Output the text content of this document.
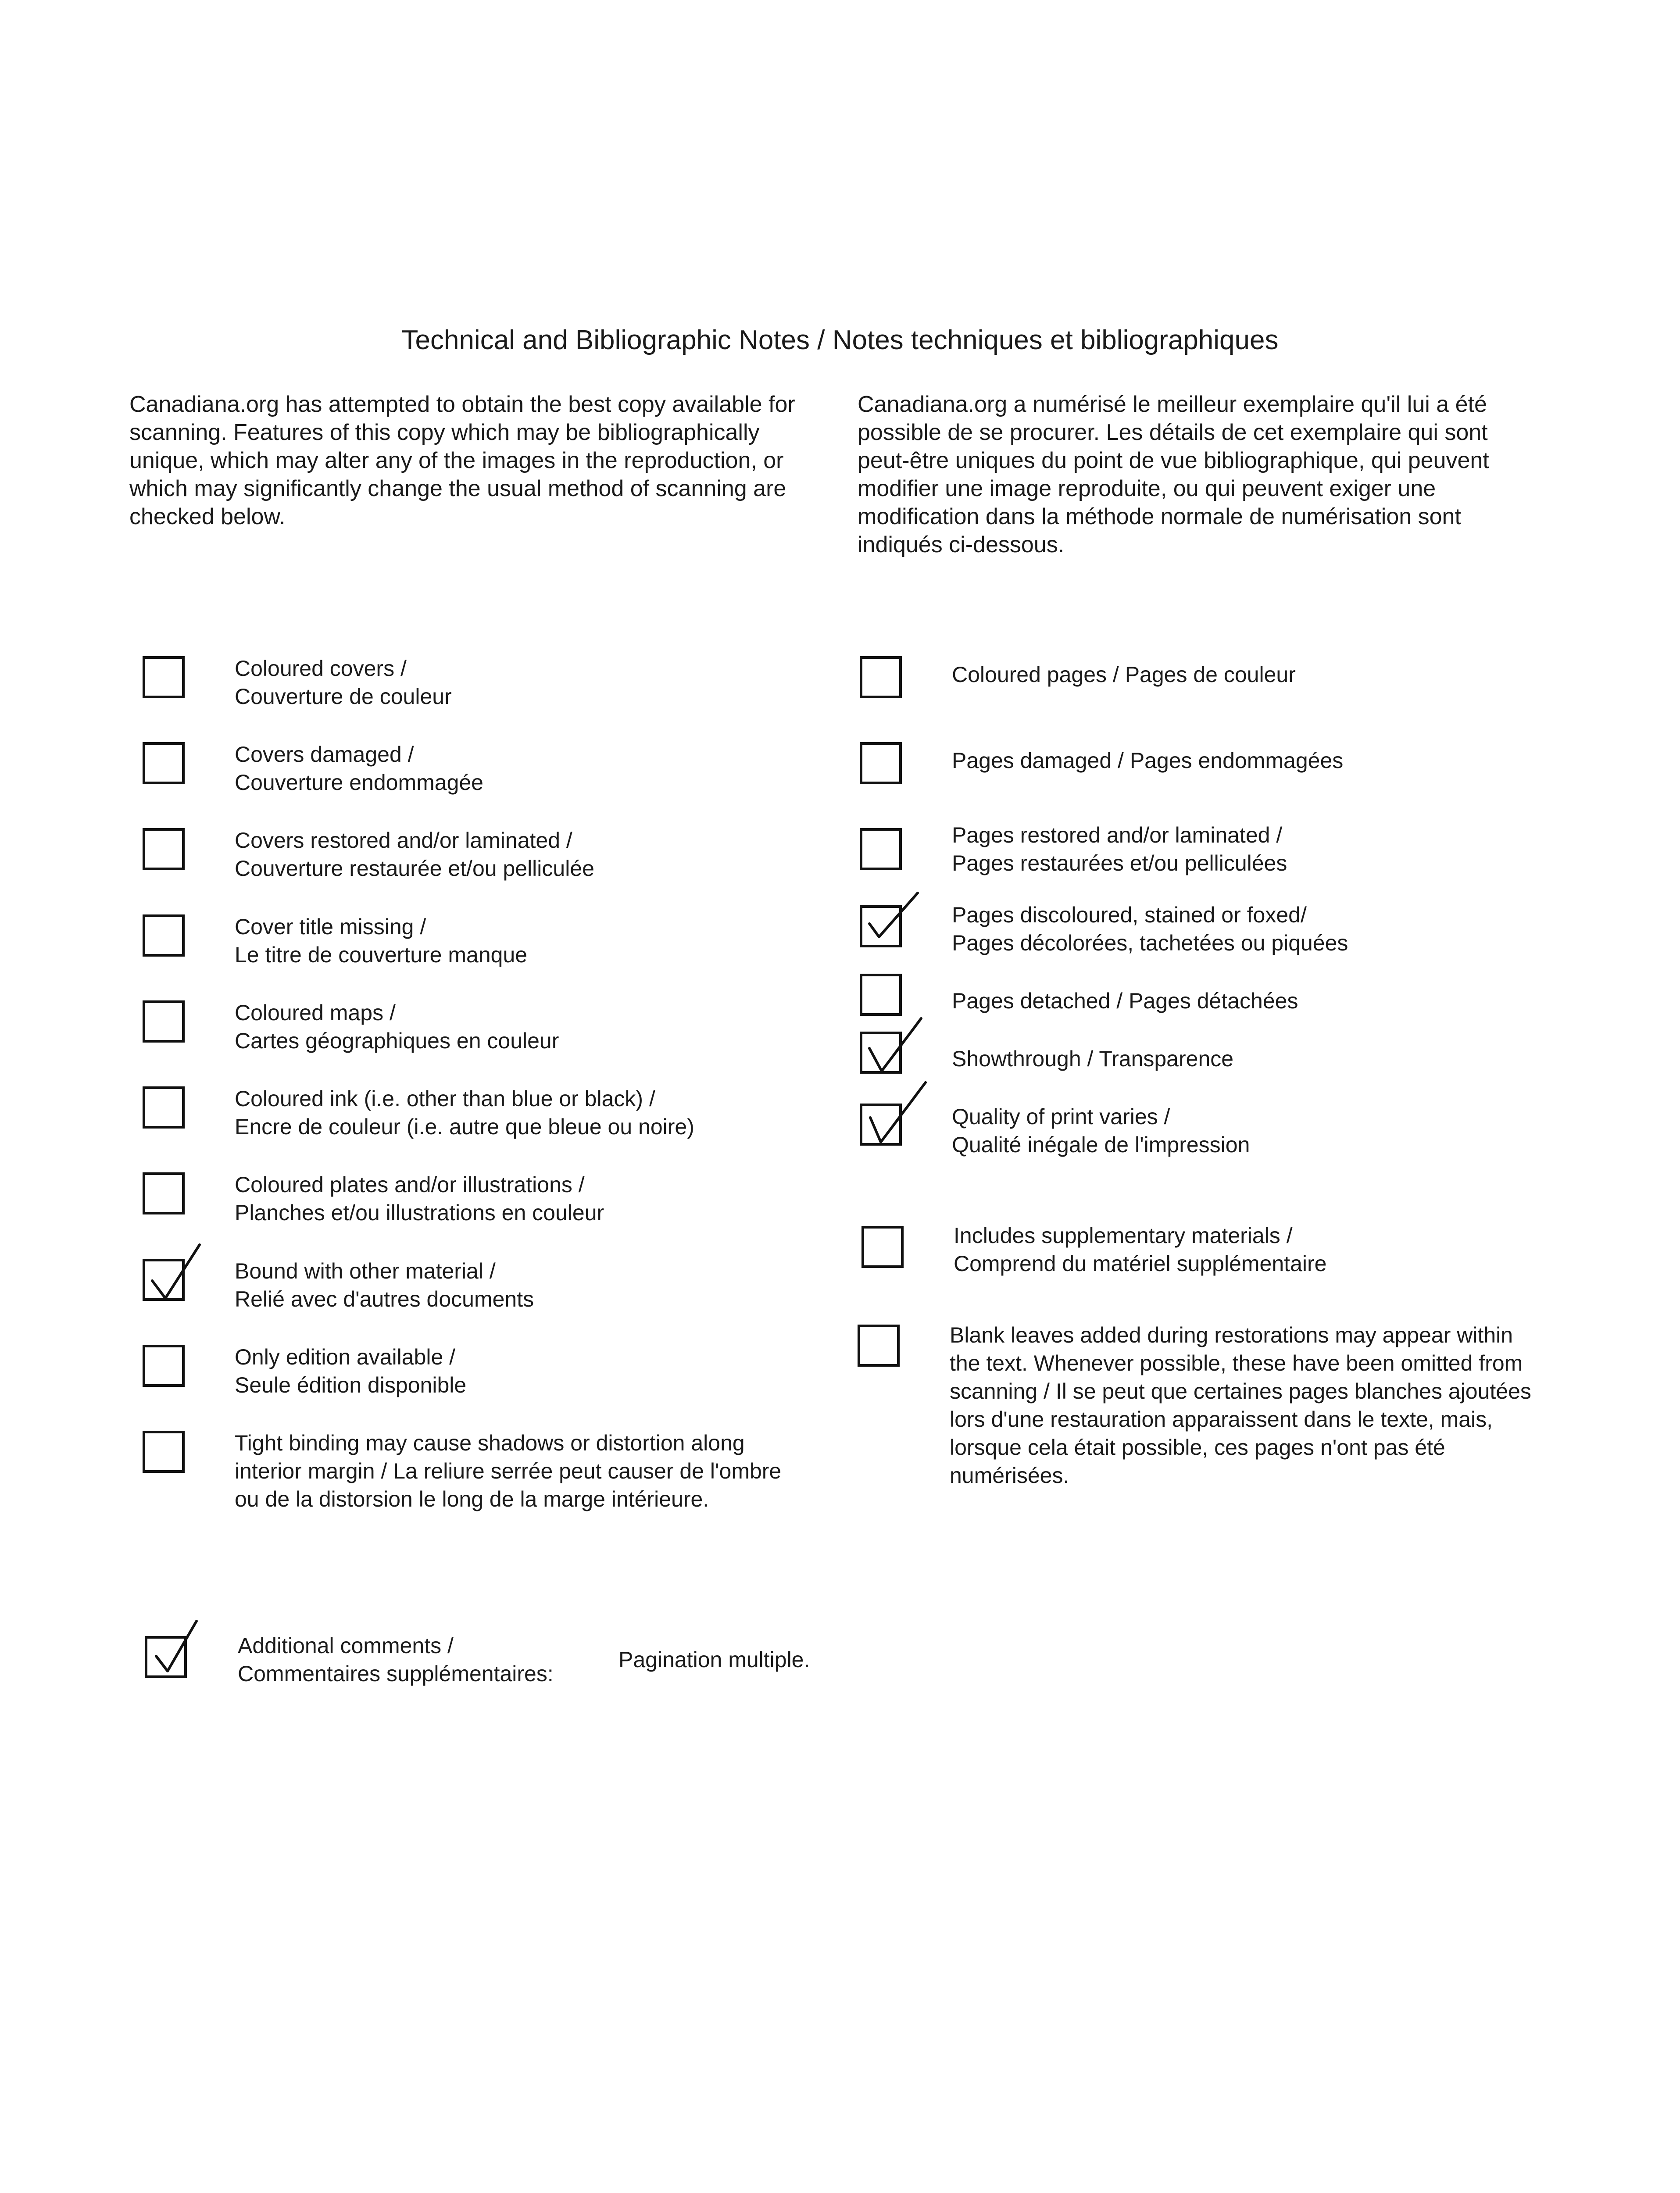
Technical and Bibliographic Notes / Notes techniques et bibliographiques
Canadiana.org has attempted to obtain the best copy available for scanning. Features of this copy which may be bibliographically unique, which may alter any of the images in the reproduction, or which may significantly change the usual method of scanning are checked below.
Canadiana.org a numérisé le meilleur exemplaire qu'il lui a été possible de se procurer. Les détails de cet exemplaire qui sont peut-être uniques du point de vue bibliographique, qui peuvent modifier une image reproduite, ou qui peuvent exiger une modification dans la méthode normale de numérisation sont indiqués ci-dessous.
Coloured covers /
Couverture de couleur
Covers damaged /
Couverture endommagée
Covers restored and/or laminated /
Couverture restaurée et/ou pelliculée
Cover title missing /
Le titre de couverture manque
Coloured maps /
Cartes géographiques en couleur
Coloured ink (i.e. other than blue or black) /
Encre de couleur (i.e. autre que bleue ou noire)
Coloured plates and/or illustrations /
Planches et/ou illustrations en couleur
Bound with other material /
Relié avec d'autres documents
Only edition available /
Seule édition disponible
Tight binding may cause shadows or distortion along interior margin / La reliure serrée peut causer de l'ombre ou de la distorsion le long de la marge intérieure.
Coloured pages / Pages de couleur
Pages damaged / Pages endommagées
Pages restored and/or laminated /
Pages restaurées et/ou pelliculées
Pages discoloured, stained or foxed/
Pages décolorées, tachetées ou piquées
Pages detached / Pages détachées
Showthrough / Transparence
Quality of print varies /
Qualité inégale de l'impression
Includes supplementary materials /
Comprend du matériel supplémentaire
Blank leaves added during restorations may appear within the text. Whenever possible, these have been omitted from scanning / Il se peut que certaines pages blanches ajoutées lors d'une restauration apparaissent dans le texte, mais, lorsque cela était possible, ces pages n'ont pas été numérisées.
Additional comments /
Commentaires supplémentaires:
Pagination multiple.
